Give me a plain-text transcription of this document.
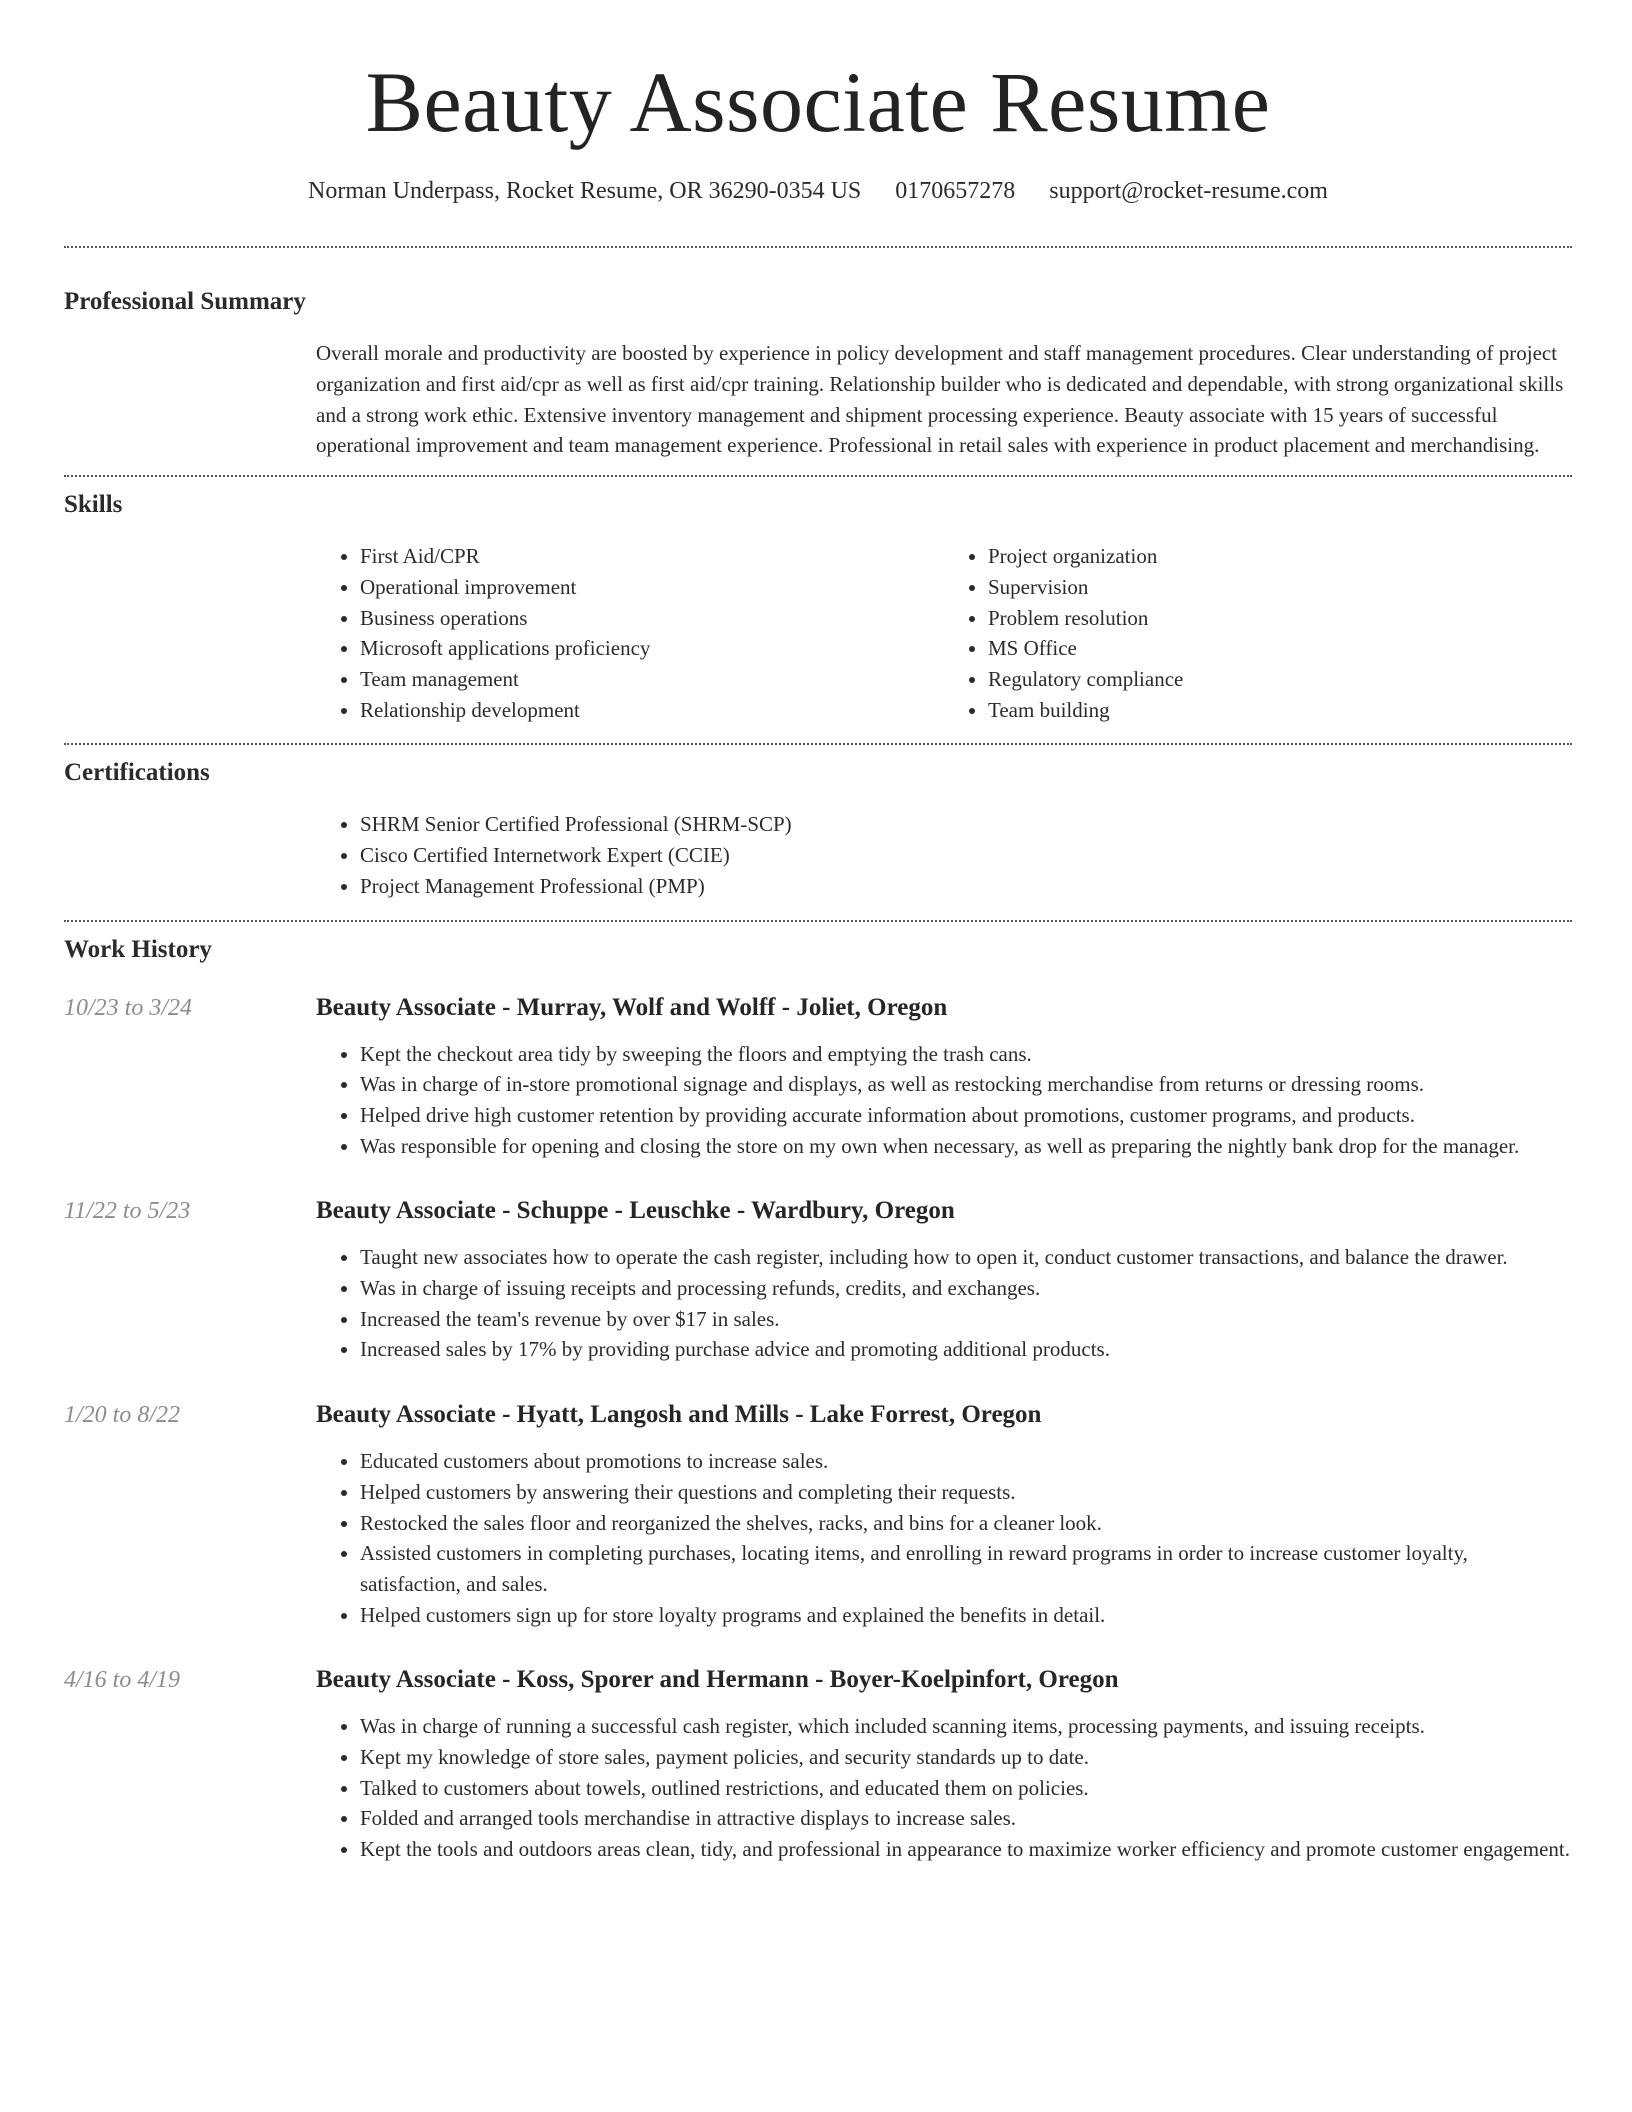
Beauty Associate Resume
Norman Underpass, Rocket Resume, OR 36290-0354 US 0170657278 support@rocket-resume.com
Professional Summary

Overall morale and productivity are boosted by experience in policy development and staff management procedures. Clear understanding of project organization and first aid/cpr as well as first aid/cpr training. Relationship builder who is dedicated and dependable, with strong organizational skills and a strong work ethic. Extensive inventory management and shipment processing experience. Beauty associate with 15 years of successful operational improvement and team management experience. Professional in retail sales with experience in product placement and merchandising.

Skills
• First Aid/CPR
• Operational improvement
• Business operations
• Microsoft applications proficiency
• Team management
• Relationship development
• Project organization
• Supervision
• Problem resolution
• MS Office
• Regulatory compliance
• Team building
Certifications
• SHRM Senior Certified Professional (SHRM-SCP)
• Cisco Certified Internetwork Expert (CCIE)
• Project Management Professional (PMP)
Work History
10/23 to 3/24	Beauty Associate - Murray, Wolf and Wolff - Joliet, Oregon
• Kept the checkout area tidy by sweeping the floors and emptying the trash cans.
• Was in charge of in-store promotional signage and displays, as well as restocking merchandise from returns or dressing rooms.
• Helped drive high customer retention by providing accurate information about promotions, customer programs, and products.
• Was responsible for opening and closing the store on my own when necessary, as well as preparing the nightly bank drop for the manager.
11/22 to 5/23	Beauty Associate - Schuppe - Leuschke - Wardbury, Oregon
• Taught new associates how to operate the cash register, including how to open it, conduct customer transactions, and balance the drawer.
• Was in charge of issuing receipts and processing refunds, credits, and exchanges.
• Increased the team's revenue by over $17 in sales.
• Increased sales by 17% by providing purchase advice and promoting additional products.
1/20 to 8/22	Beauty Associate - Hyatt, Langosh and Mills - Lake Forrest, Oregon
• Educated customers about promotions to increase sales.
• Helped customers by answering their questions and completing their requests.
• Restocked the sales floor and reorganized the shelves, racks, and bins for a cleaner look.
• Assisted customers in completing purchases, locating items, and enrolling in reward programs in order to increase customer loyalty, satisfaction, and sales.
• Helped customers sign up for store loyalty programs and explained the benefits in detail.
4/16 to 4/19	Beauty Associate - Koss, Sporer and Hermann - Boyer-Koelpinfort, Oregon
• Was in charge of running a successful cash register, which included scanning items, processing payments, and issuing receipts.
• Kept my knowledge of store sales, payment policies, and security standards up to date.
• Talked to customers about towels, outlined restrictions, and educated them on policies.
• Folded and arranged tools merchandise in attractive displays to increase sales.
• Kept the tools and outdoors areas clean, tidy, and professional in appearance to maximize worker efficiency and promote customer engagement.
